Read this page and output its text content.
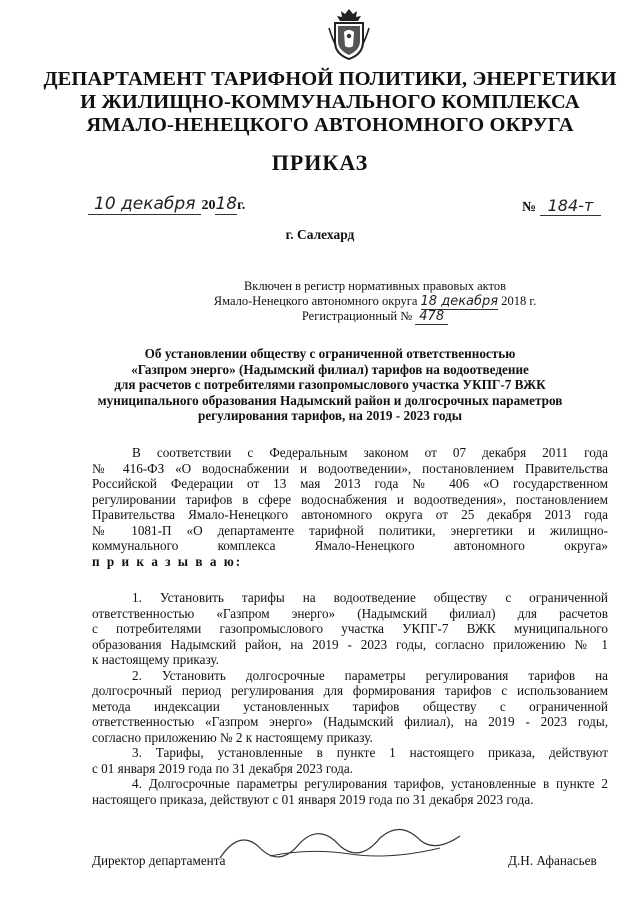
ДЕПАРТАМЕНТ ТАРИФНОЙ ПОЛИТИКИ, ЭНЕРГЕТИКИ
И ЖИЛИЩНО-КОММУНАЛЬНОГО КОМПЛЕКСА
ЯМАЛО-НЕНЕЦКОГО АВТОНОМНОГО ОКРУГА
ПРИКАЗ
10 декабря 2018г.	№ 184-т
г. Салехард
Включен в регистр нормативных правовых актов
Ямало-Ненецкого автономного округа 18 декабря 2018 г.
Регистрационный № 478
Об установлении обществу с ограниченной ответственностью
«Газпром энерго» (Надымский филиал) тарифов на водоотведение
для расчетов с потребителями газопромыслового участка УКПГ-7 ВЖК
муниципального образования Надымский район и долгосрочных параметров
регулирования тарифов, на 2019 - 2023 годы
В соответствии с Федеральным законом от 07 декабря 2011 года
№ 416-ФЗ «О водоснабжении и водоотведении», постановлением Правительства
Российской Федерации от 13 мая 2013 года № 406 «О государственном
регулировании тарифов в сфере водоснабжения и водоотведения», постановлением
Правительства Ямало-Ненецкого автономного округа от 25 декабря 2013 года
№ 1081-П «О департаменте тарифной политики, энергетики и жилищно-
коммунального комплекса Ямало-Ненецкого автономного округа»
п р и к а з ы в а ю:
1. Установить тарифы на водоотведение обществу с ограниченной
ответственностью «Газпром энерго» (Надымский филиал) для расчетов
с потребителями газопромыслового участка УКПГ-7 ВЖК муниципального
образования Надымский район, на 2019 - 2023 годы, согласно приложению № 1
к настоящему приказу.
2. Установить долгосрочные параметры регулирования тарифов на
долгосрочный период регулирования для формирования тарифов с использованием
метода индексации установленных тарифов обществу с ограниченной
ответственностью «Газпром энерго» (Надымский филиал), на 2019 - 2023 годы,
согласно приложению № 2 к настоящему приказу.
3. Тарифы, установленные в пункте 1 настоящего приказа, действуют
с 01 января 2019 года по 31 декабря 2023 года.
4. Долгосрочные параметры регулирования тарифов, установленные в пункте 2
настоящего приказа, действуют с 01 января 2019 года по 31 декабря 2023 года.
Директор департамента	Д.Н. Афанасьев
